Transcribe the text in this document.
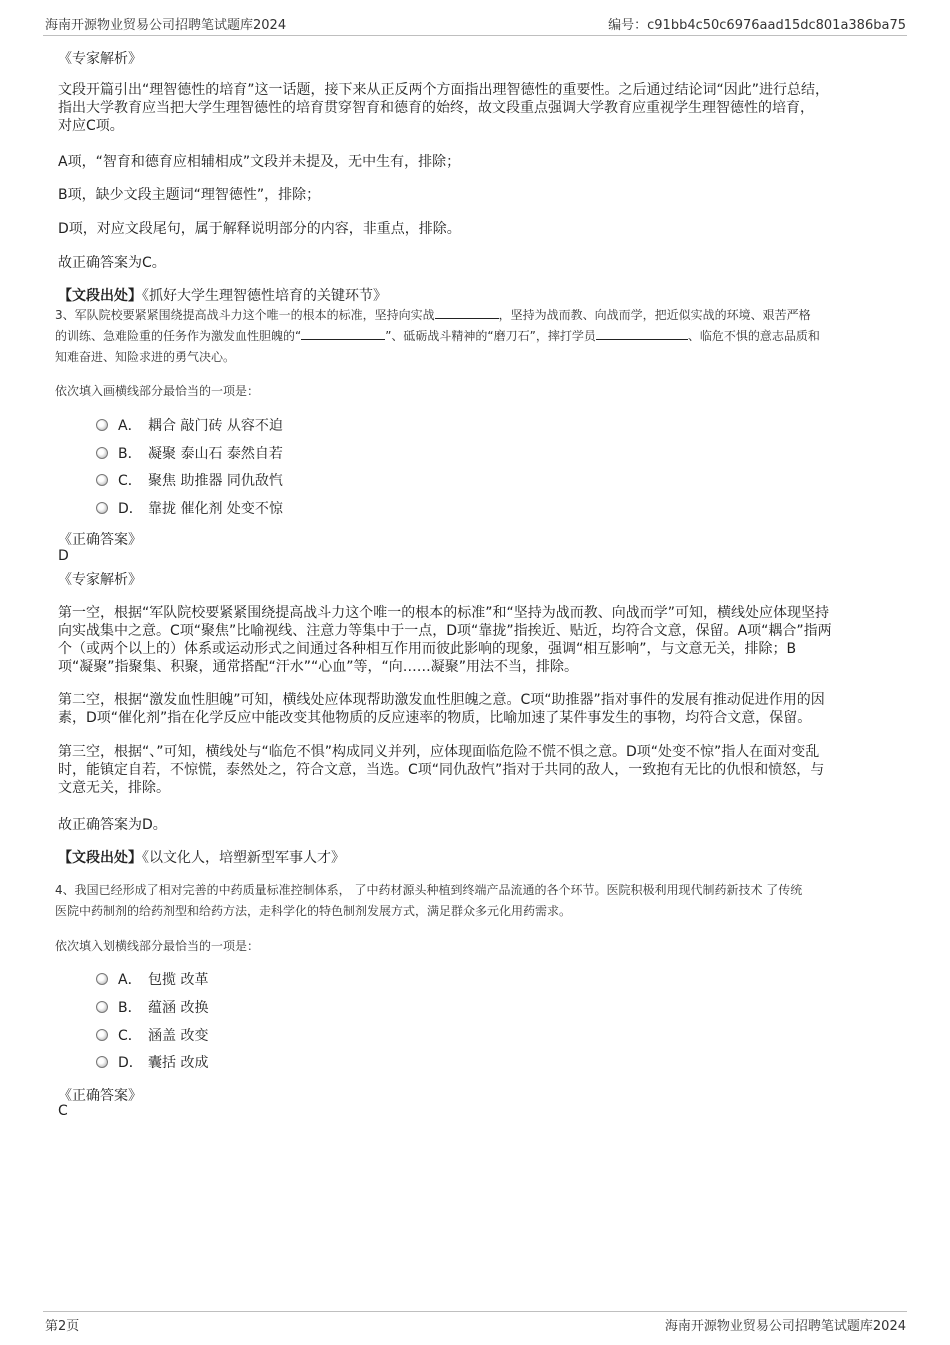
海南开源物业贸易公司招聘笔试题库2024	编号：c91bb4c50c6976aad15dc801a386ba75
《专家解析》
文段开篇引出“理智德性的培育”这一话题，接下来从正反两个方面指出理智德性的重要性。之后通过结论词“因此”进行总结，
指出大学教育应当把大学生理智德性的培育贯穿智育和德育的始终，故文段重点强调大学教育应重视学生理智德性的培育，
对应C项。
A项，“智育和德育应相辅相成”文段并未提及，无中生有，排除；
B项，缺少文段主题词“理智德性”，排除；
D项，对应文段尾句，属于解释说明部分的内容，非重点，排除。
故正确答案为C。
【文段出处】《抓好大学生理智德性培育的关键环节》
3、军队院校要紧紧围绕提高战斗力这个唯一的根本的标准，坚持向实战	，坚持为战而教、向战而学，把近似实战的环境、艰苦严格
的训练、急难险重的任务作为激发血性胆魄的“	”、砥砺战斗精神的“磨刀石”，摔打学员	、临危不惧的意志品质和
知难奋进、知险求进的勇气决心。
依次填入画横线部分最恰当的一项是：
A． 耦合 敲门砖 从容不迫
B． 凝聚 泰山石 泰然自若
C． 聚焦 助推器 同仇敌忾
D． 靠拢 催化剂 处变不惊
《正确答案》
D
《专家解析》
第一空，根据“军队院校要紧紧围绕提高战斗力这个唯一的根本的标准”和“坚持为战而教、向战而学”可知，横线处应体现坚持
向实战集中之意。C项“聚焦”比喻视线、注意力等集中于一点，D项“靠拢”指挨近、贴近，均符合文意，保留。A项“耦合”指两
个（或两个以上的）体系或运动形式之间通过各种相互作用而彼此影响的现象，强调“相互影响”，与文意无关，排除；B
项“凝聚”指聚集、积聚，通常搭配“汗水”“心血”等，“向……凝聚”用法不当，排除。
第二空，根据“激发血性胆魄”可知，横线处应体现帮助激发血性胆魄之意。C项“助推器”指对事件的发展有推动促进作用的因
素，D项“催化剂”指在化学反应中能改变其他物质的反应速率的物质，比喻加速了某件事发生的事物，均符合文意，保留。
第三空，根据“、”可知，横线处与“临危不惧”构成同义并列，应体现面临危险不慌不惧之意。D项“处变不惊”指人在面对变乱
时，能镇定自若，不惊慌，泰然处之，符合文意，当选。C项“同仇敌忾”指对于共同的敌人，一致抱有无比的仇恨和愤怒，与
文意无关，排除。
故正确答案为D。
【文段出处】《以文化人，培塑新型军事人才》
4、我国已经形成了相对完善的中药质量标准控制体系， 了中药材源头种植到终端产品流通的各个环节。医院积极利用现代制药新技术 了传统
医院中药制剂的给药剂型和给药方法，走科学化的特色制剂发展方式，满足群众多元化用药需求。
依次填入划横线部分最恰当的一项是：
A． 包揽 改革
B． 蕴涵 改换
C． 涵盖 改变
D． 囊括 改成
《正确答案》
C
第2页	海南开源物业贸易公司招聘笔试题库2024
